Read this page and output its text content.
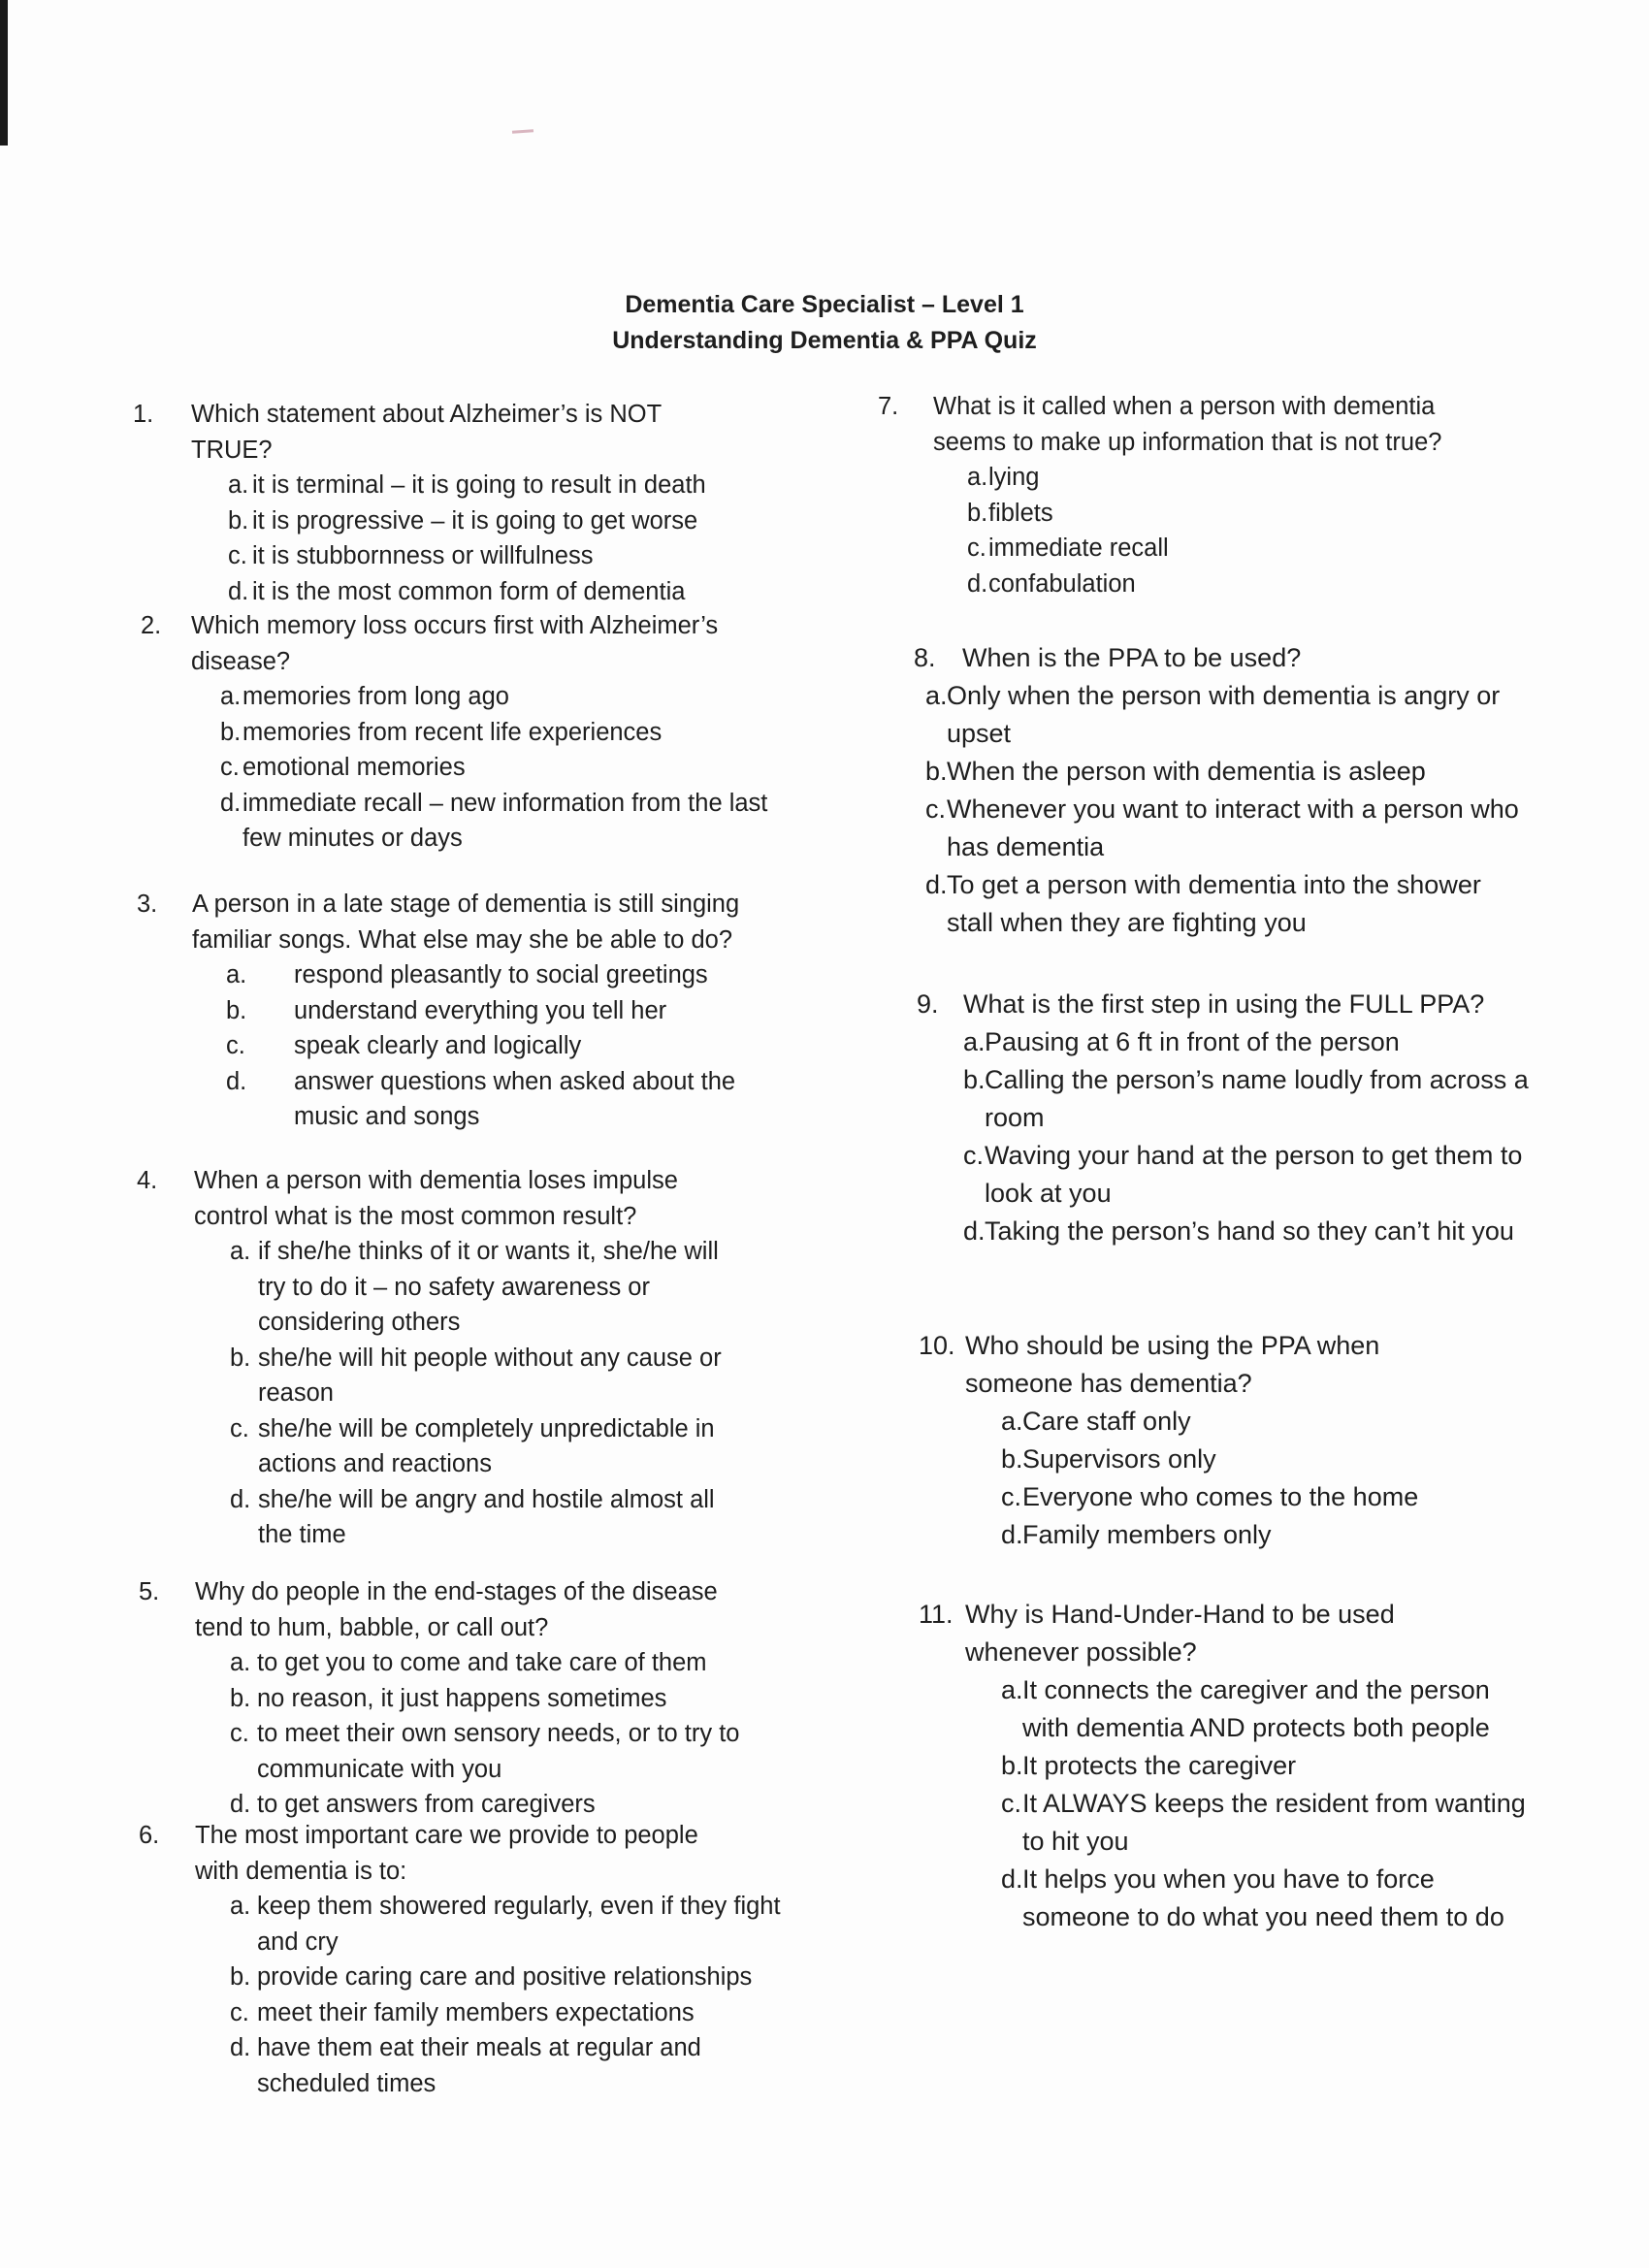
Dementia Care Specialist – Level 1
Understanding Dementia & PPA Quiz
1. Which statement about Alzheimer’s is NOT TRUE?
a. it is terminal – it is going to result in death
b. it is progressive – it is going to get worse
c. it is stubbornness or willfulness
d. it is the most common form of dementia
2. Which memory loss occurs first with Alzheimer’s
disease?
a. memories from long ago
b. memories from recent life experiences
c. emotional memories
d. immediate recall – new information from the last few minutes or days
3. A person in a late stage of dementia is still singing
familiar songs. What else may she be able to do?
a.	respond pleasantly to social greetings
b.	understand everything you tell her
c.	speak clearly and logically
d.	answer questions when asked about the music and songs
4. When a person with dementia loses impulse
control what is the most common result?
a. if she/he thinks of it or wants it, she/he will try to do it – no safety awareness or considering others
b. she/he will hit people without any cause or reason
c. she/he will be completely unpredictable in actions and reactions
d. she/he will be angry and hostile almost all the time
5. Why do people in the end-stages of the disease
tend to hum, babble, or call out?
a. to get you to come and take care of them
b. no reason, it just happens sometimes
c. to meet their own sensory needs, or to try to communicate with you
d. to get answers from caregivers
6. The most important care we provide to people
with dementia is to:
a. keep them showered regularly, even if they fight and cry
b. provide caring care and positive relationships
c. meet their family members expectations
d. have them eat their meals at regular and scheduled times
7. What is it called when a person with dementia
seems to make up information that is not true?
a. lying
b. fiblets
c. immediate recall
d. confabulation
8. When is the PPA to be used?
a. Only when the person with dementia is angry or upset
b. When the person with dementia is asleep
c. Whenever you want to interact with a person who has dementia
d. To get a person with dementia into the shower stall when they are fighting you
9. What is the first step in using the FULL PPA?
a. Pausing at 6 ft in front of the person
b. Calling the person’s name loudly from across a room
c. Waving your hand at the person to get them to look at you
d. Taking the person’s hand so they can’t hit you
10. Who should be using the PPA when
someone has dementia?
a. Care staff only
b. Supervisors only
c. Everyone who comes to the home
d. Family members only
11. Why is Hand-Under-Hand to be used
whenever possible?
a. It connects the caregiver and the person with dementia AND protects both people
b. It protects the caregiver
c. It ALWAYS keeps the resident from wanting to hit you
d. It helps you when you have to force someone to do what you need them to do
